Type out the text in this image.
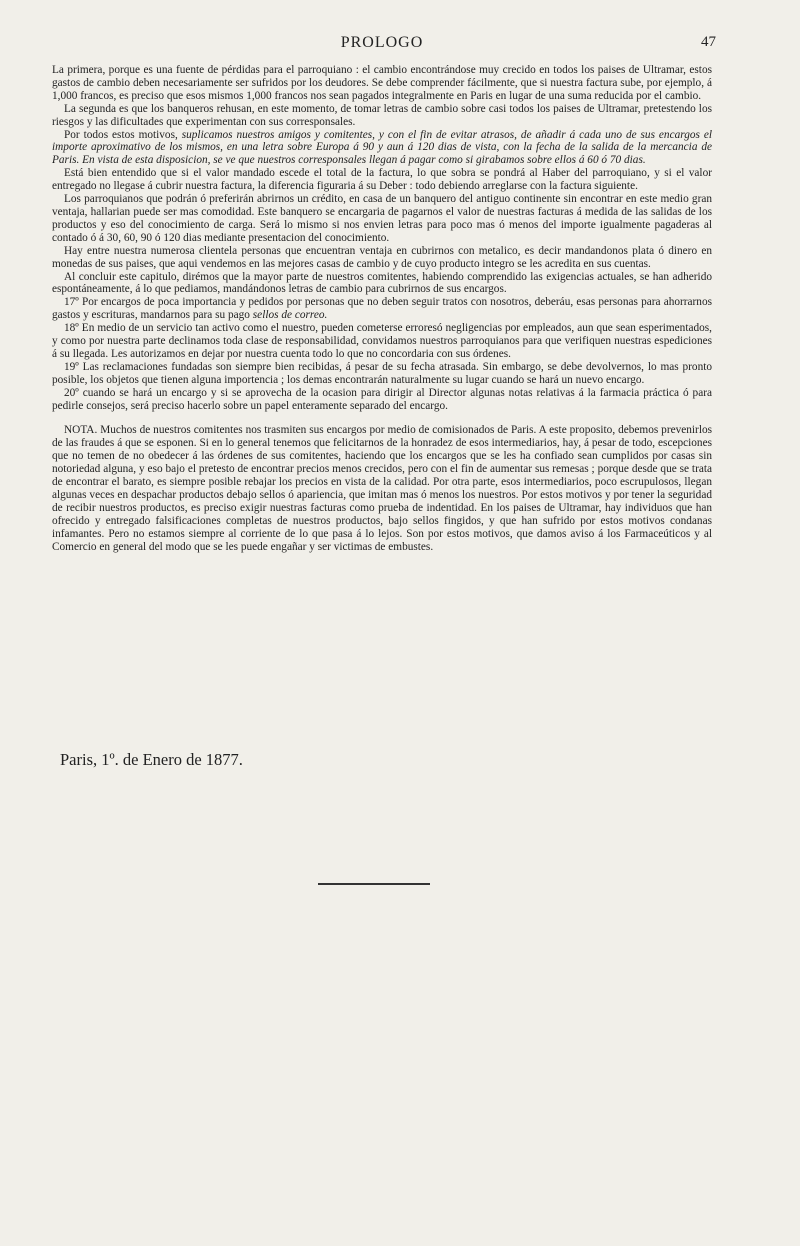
PROLOGO	47

La primera, porque es una fuente de pérdidas para el parroquiano : el cambio encontrándose muy crecido en todos los paises de Ultramar, estos gastos de cambio deben necesariamente ser sufridos por los deudores. Se debe comprender fácilmente, que si nuestra factura sube, por ejemplo, á 1,000 francos, es preciso que esos mismos 1,000 francos nos sean pagados integralmente en Paris en lugar de una suma reducida por el cambio.

La segunda es que los banqueros rehusan, en este momento, de tomar letras de cambio sobre casi todos los paises de Ultramar, pretestendo los riesgos y las dificultades que experimentan con sus corresponsales.

Por todos estos motivos, suplicamos nuestros amigos y comitentes, y con el fin de evitar atrasos, de añadir á cada uno de sus encargos el importe aproximativo de los mismos, en una letra sobre Europa á 90 y aun á 120 dias de vista, con la fecha de la salida de la mercancia de Paris. En vista de esta disposicion, se ve que nuestros corresponsales llegan á pagar como si girabamos sobre ellos á 60 ó 70 dias.

Está bien entendido que si el valor mandado escede el total de la factura, lo que sobra se pondrá al Haber del parroquiano, y si el valor entregado no llegase á cubrir nuestra factura, la diferencia figuraria á su Deber : todo debiendo arreglarse con la factura siguiente.

Los parroquianos que podrán ó preferirán abrirnos un crédito, en casa de un banquero del antiguo continente sin encontrar en este medio gran ventaja, hallarian puede ser mas comodidad. Este banquero se encargaria de pagarnos el valor de nuestras facturas á medida de las salidas de los productos y eso del conocimiento de carga. Será lo mismo si nos envien letras para poco mas ó menos del importe igualmente pagaderas al contado ó á 30, 60, 90 ó 120 dias mediante presentacion del conocimiento.

Hay entre nuestra numerosa clientela personas que encuentran ventaja en cubrirnos con metalico, es decir mandandonos plata ó dinero en monedas de sus paises, que aqui vendemos en las mejores casas de cambio y de cuyo producto integro se les acredita en sus cuentas.

Al concluir este capitulo, dirémos que la mayor parte de nuestros comitentes, habiendo comprendido las exigencias actuales, se han adherido espontáneamente, á lo que pediamos, mandándonos letras de cambio para cubrirnos de sus encargos.

17º Por encargos de poca importancia y pedidos por personas que no deben seguir tratos con nosotros, deberáu, esas personas para ahorrarnos gastos y escrituras, mandarnos para su pago sellos de correo.

18º En medio de un servicio tan activo como el nuestro, pueden cometerse erroresó negligencias por empleados, aun que sean esperimentados, y como por nuestra parte declinamos toda clase de responsabilidad, convidamos nuestros parroquianos para que verifiquen nuestras espediciones á su llegada. Les autorizamos en dejar por nuestra cuenta todo lo que no concordaria con sus órdenes.

19º Las reclamaciones fundadas son siempre bien recibidas, á pesar de su fecha atrasada. Sin embargo, se debe devolvernos, lo mas pronto posible, los objetos que tienen alguna importencia ; los demas encontrarán naturalmente su lugar cuando se hará un nuevo encargo.

20º cuando se hará un encargo y si se aprovecha de la ocasion para dirigir al Director algunas notas relativas á la farmacia práctica ó para pedirle consejos, será preciso hacerlo sobre un papel enteramente separado del encargo.

NOTA. Muchos de nuestros comitentes nos trasmiten sus encargos por medio de comisionados de Paris. A este proposito, debemos prevenirlos de las fraudes á que se esponen. Si en lo general tenemos que felicitarnos de la honradez de esos intermediarios, hay, á pesar de todo, escepciones que no temen de no obedecer á las órdenes de sus comitentes, haciendo que los encargos que se les ha confiado sean cumplidos por casas sin notoriedad alguna, y eso bajo el pretesto de encontrar precios menos crecidos, pero con el fin de aumentar sus remesas ; porque desde que se trata de encontrar el barato, es siempre posible rebajar los precios en vista de la calidad. Por otra parte, esos intermediarios, poco escrupulosos, llegan algunas veces en despachar productos debajo sellos ó apariencia, que imitan mas ó menos los nuestros. Por estos motivos y por tener la seguridad de recibir nuestros productos, es preciso exigir nuestras facturas como prueba de indentidad. En los paises de Ultramar, hay individuos que han ofrecido y entregado falsificaciones completas de nuestros productos, bajo sellos fingidos, y que han sufrido por estos motivos condanas infamantes. Pero no estamos siempre al corriente de lo que pasa á lo lejos. Son por estos motivos, que damos aviso á los Farmaceúticos y al Comercio en general del modo que se les puede engañar y ser victimas de embustes.

Paris, 1º. de Enero de 1877.
